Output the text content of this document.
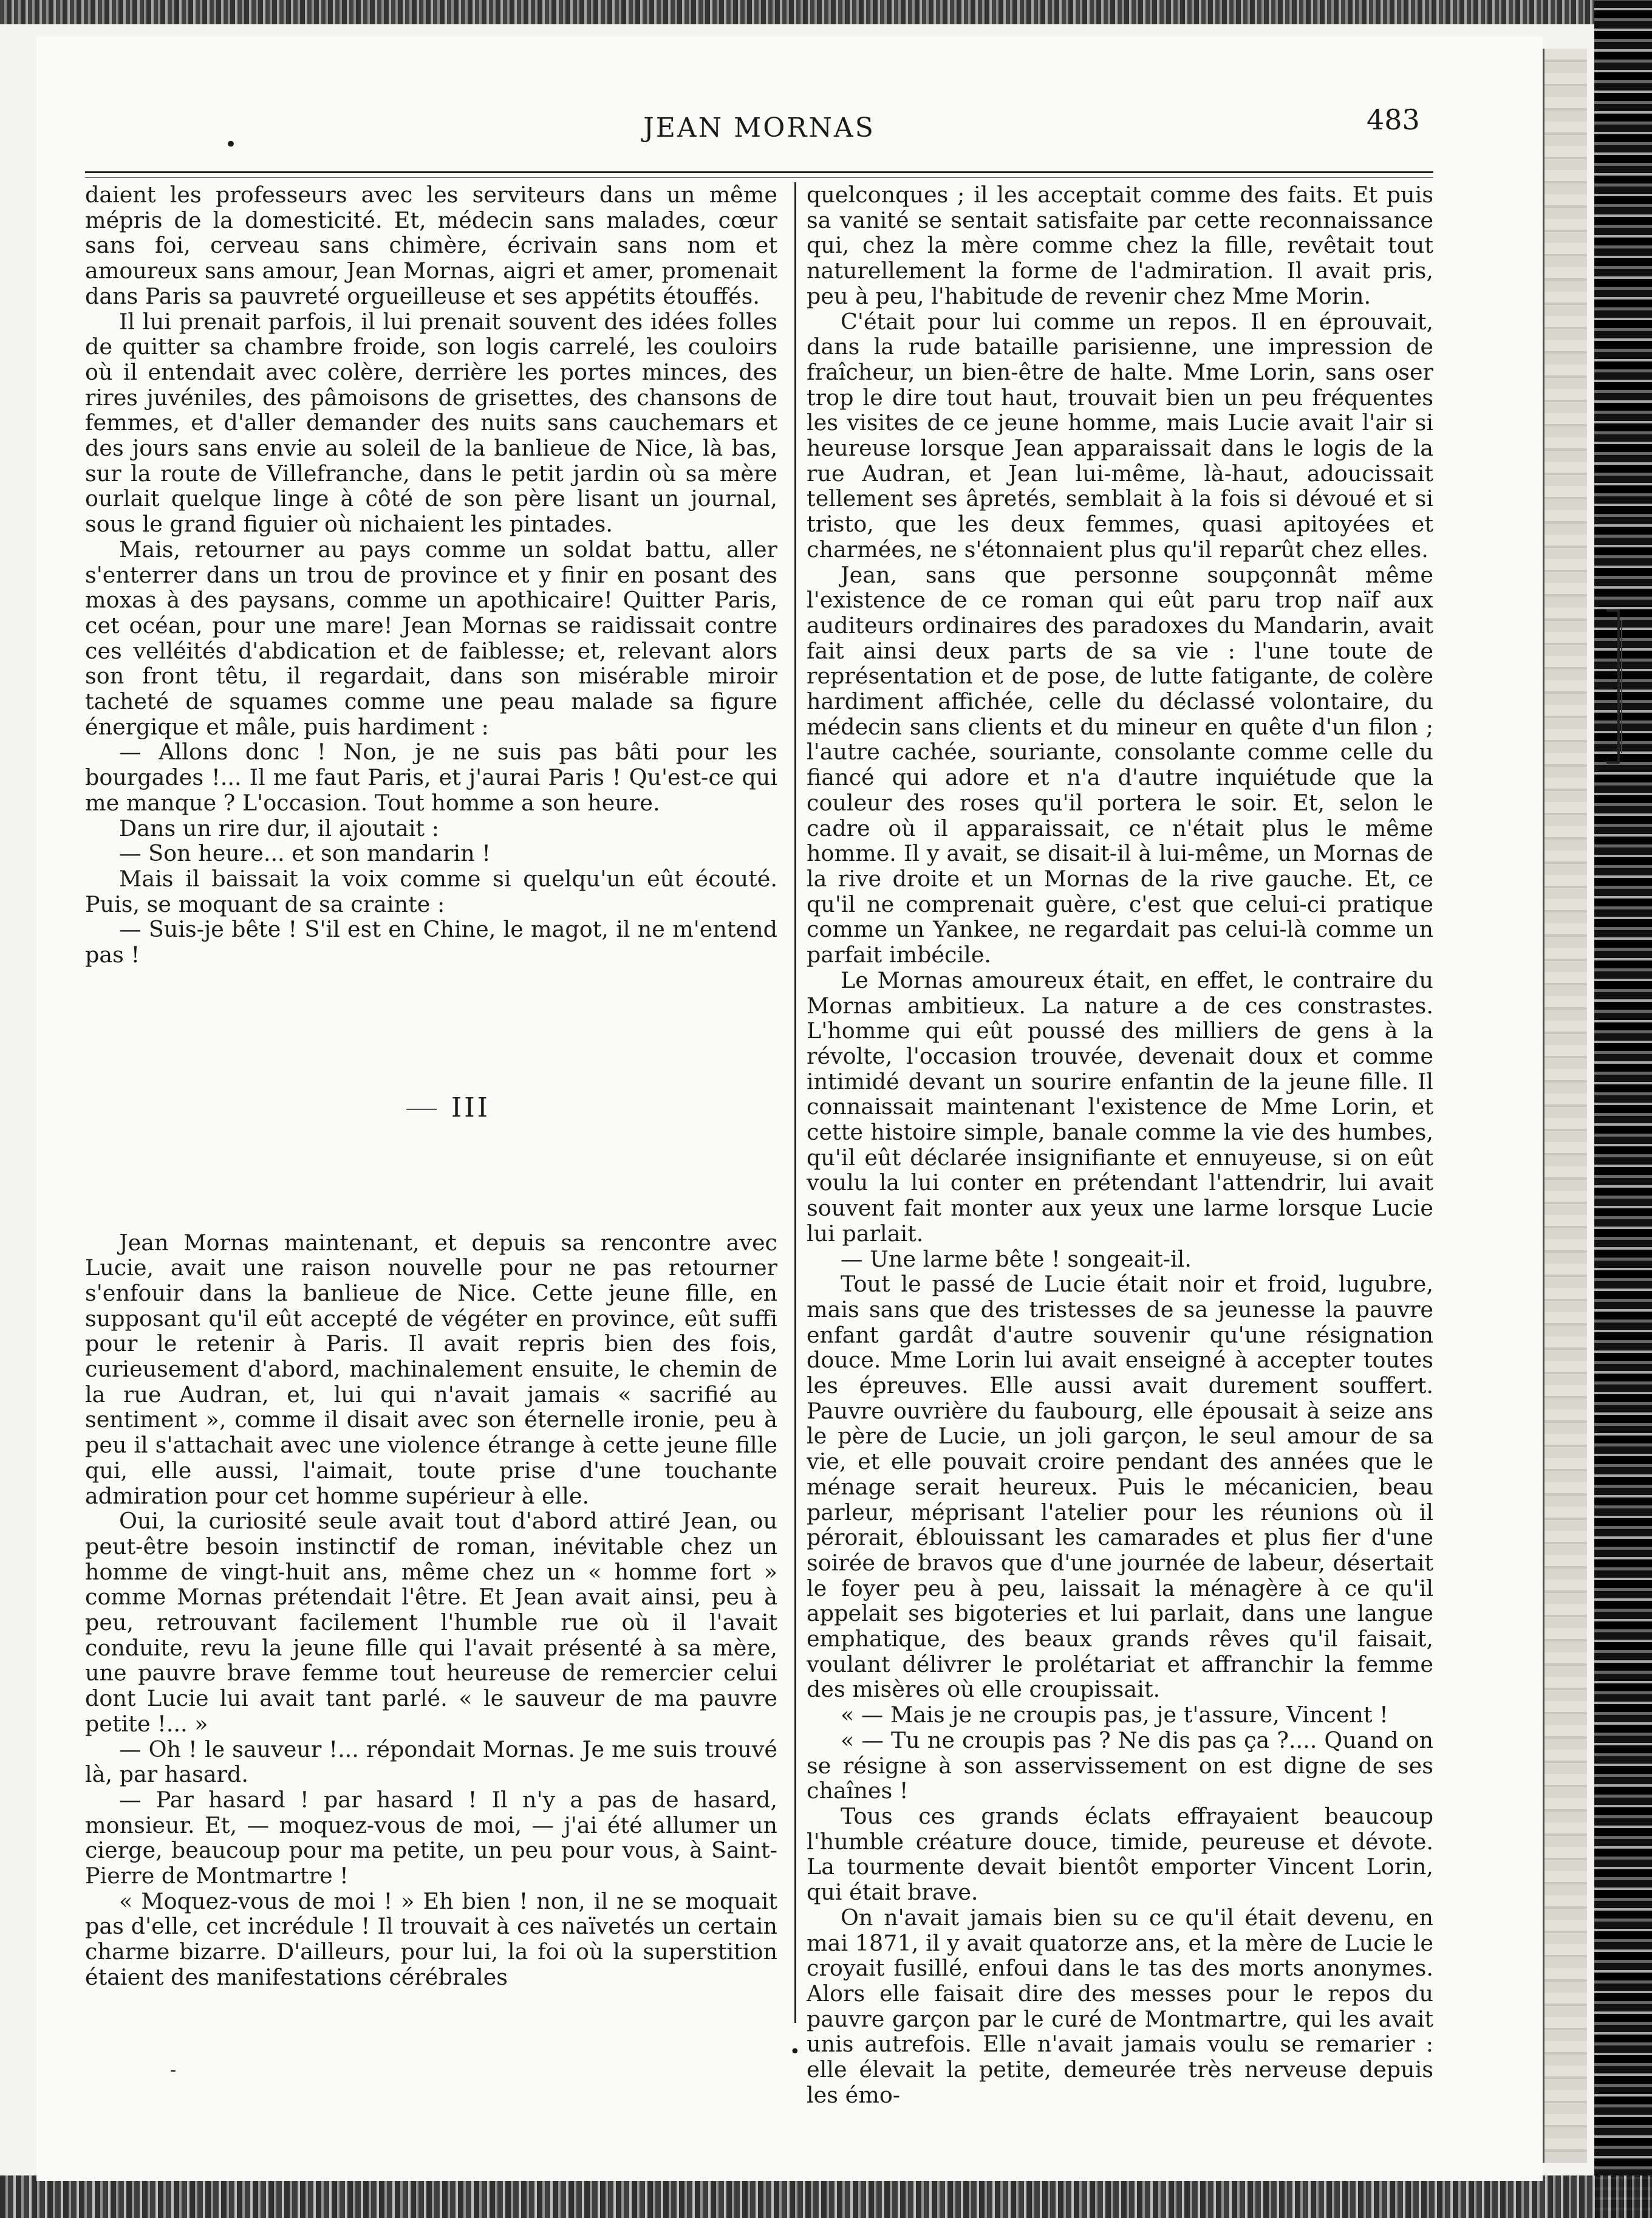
•
JEAN MORNAS	483

daient les professeurs avec les serviteurs dans un même mépris de la domesticité. Et, médecin sans malades, cœur sans foi, cerveau sans chimère, écrivain sans nom et amoureux sans amour, Jean Mornas, aigri et amer, promenait dans Paris sa pauvreté orgueilleuse et ses appétits étouffés.

Il lui prenait parfois, il lui prenait souvent des idées folles de quitter sa chambre froide, son logis carrelé, les couloirs où il entendait avec colère, derrière les portes minces, des rires juvéniles, des pâmoisons de grisettes, des chansons de femmes, et d'aller demander des nuits sans cauchemars et des jours sans envie au soleil de la banlieue de Nice, là bas, sur la route de Villefranche, dans le petit jardin où sa mère ourlait quelque linge à côté de son père lisant un journal, sous le grand figuier où nichaient les pintades.

Mais, retourner au pays comme un soldat battu, aller s'enterrer dans un trou de province et y finir en posant des moxas à des paysans, comme un apothicaire! Quitter Paris, cet océan, pour une mare! Jean Mornas se raidissait contre ces velléités d'abdication et de faiblesse; et, relevant alors son front têtu, il regardait, dans son misérable miroir tacheté de squames comme une peau malade sa figure énergique et mâle, puis hardiment :

— Allons donc ! Non, je ne suis pas bâti pour les bourgades !... Il me faut Paris, et j'aurai Paris ! Qu'est-ce qui me manque ? L'occasion. Tout homme a son heure.

Dans un rire dur, il ajoutait :

— Son heure... et son mandarin !

Mais il baissait la voix comme si quelqu'un eût écouté. Puis, se moquant de sa crainte :

— Suis-je bête ! S'il est en Chine, le magot, il ne m'entend pas !

III

Jean Mornas maintenant, et depuis sa rencontre avec Lucie, avait une raison nouvelle pour ne pas retourner s'enfouir dans la banlieue de Nice. Cette jeune fille, en supposant qu'il eût accepté de végéter en province, eût suffi pour le retenir à Paris. Il avait repris bien des fois, curieusement d'abord, machinalement ensuite, le chemin de la rue Audran, et, lui qui n'avait jamais « sacrifié au sentiment », comme il disait avec son éternelle ironie, peu à peu il s'attachait avec une violence étrange à cette jeune fille qui, elle aussi, l'aimait, toute prise d'une touchante admiration pour cet homme supérieur à elle.

Oui, la curiosité seule avait tout d'abord attiré Jean, ou peut-être besoin instinctif de roman, inévitable chez un homme de vingt-huit ans, même chez un « homme fort » comme Mornas prétendait l'être. Et Jean avait ainsi, peu à peu, retrouvant facilement l'humble rue où il l'avait conduite, revu la jeune fille qui l'avait présenté à sa mère, une pauvre brave femme tout heureuse de remercier celui dont Lucie lui avait tant parlé. « le sauveur de ma pauvre petite !... »

— Oh ! le sauveur !... répondait Mornas. Je me suis trouvé là, par hasard.

— Par hasard ! par hasard ! Il n'y a pas de hasard, monsieur. Et, — moquez-vous de moi, — j'ai été allumer un cierge, beaucoup pour ma petite, un peu pour vous, à Saint-Pierre de Montmartre !

« Moquez-vous de moi ! » Eh bien ! non, il ne se moquait pas d'elle, cet incrédule ! Il trouvait à ces naïvetés un certain charme bizarre. D'ailleurs, pour lui, la foi où la superstition étaient des manifestations cérébrales

quelconques ; il les acceptait comme des faits. Et puis sa vanité se sentait satisfaite par cette reconnaissance qui, chez la mère comme chez la fille, revêtait tout naturellement la forme de l'admiration. Il avait pris, peu à peu, l'habitude de revenir chez Mme Morin.

C'était pour lui comme un repos. Il en éprouvait, dans la rude bataille parisienne, une impression de fraîcheur, un bien-être de halte. Mme Lorin, sans oser trop le dire tout haut, trouvait bien un peu fréquentes les visites de ce jeune homme, mais Lucie avait l'air si heureuse lorsque Jean apparaissait dans le logis de la rue Audran, et Jean lui-même, là-haut, adoucissait tellement ses âpretés, semblait à la fois si dévoué et si tristo, que les deux femmes, quasi apitoyées et charmées, ne s'étonnaient plus qu'il reparût chez elles.

Jean, sans que personne soupçonnât même l'existence de ce roman qui eût paru trop naïf aux auditeurs ordinaires des paradoxes du Mandarin, avait fait ainsi deux parts de sa vie : l'une toute de représentation et de pose, de lutte fatigante, de colère hardiment affichée, celle du déclassé volontaire, du médecin sans clients et du mineur en quête d'un filon ; l'autre cachée, souriante, consolante comme celle du fiancé qui adore et n'a d'autre inquiétude que la couleur des roses qu'il portera le soir. Et, selon le cadre où il apparaissait, ce n'était plus le même homme. Il y avait, se disait-il à lui-même, un Mornas de la rive droite et un Mornas de la rive gauche. Et, ce qu'il ne comprenait guère, c'est que celui-ci pratique comme un Yankee, ne regardait pas celui-là comme un parfait imbécile.

Le Mornas amoureux était, en effet, le contraire du Mornas ambitieux. La nature a de ces constrastes. L'homme qui eût poussé des milliers de gens à la révolte, l'occasion trouvée, devenait doux et comme intimidé devant un sourire enfantin de la jeune fille. Il connaissait maintenant l'existence de Mme Lorin, et cette histoire simple, banale comme la vie des humbes, qu'il eût déclarée insignifiante et ennuyeuse, si on eût voulu la lui conter en prétendant l'attendrir, lui avait souvent fait monter aux yeux une larme lorsque Lucie lui parlait.

— Une larme bête ! songeait-il.

Tout le passé de Lucie était noir et froid, lugubre, mais sans que des tristesses de sa jeunesse la pauvre enfant gardât d'autre souvenir qu'une résignation douce. Mme Lorin lui avait enseigné à accepter toutes les épreuves. Elle aussi avait durement souffert. Pauvre ouvrière du faubourg, elle épousait à seize ans le père de Lucie, un joli garçon, le seul amour de sa vie, et elle pouvait croire pendant des années que le ménage serait heureux. Puis le mécanicien, beau parleur, méprisant l'atelier pour les réunions où il pérorait, éblouissant les camarades et plus fier d'une soirée de bravos que d'une journée de labeur, désertait le foyer peu à peu, laissait la ménagère à ce qu'il appelait ses bigoteries et lui parlait, dans une langue emphatique, des beaux grands rêves qu'il faisait, voulant délivrer le prolétariat et affranchir la femme des misères où elle croupissait.

« — Mais je ne croupis pas, je t'assure, Vincent !

« — Tu ne croupis pas ? Ne dis pas ça ?.... Quand on se résigne à son asservissement on est digne de ses chaînes !

Tous ces grands éclats effrayaient beaucoup l'humble créature douce, timide, peureuse et dévote. La tourmente devait bientôt emporter Vincent Lorin, qui était brave.

On n'avait jamais bien su ce qu'il était devenu, en mai 1871, il y avait quatorze ans, et la mère de Lucie le croyait fusillé, enfoui dans le tas des morts anonymes. Alors elle faisait dire des messes pour le repos du pauvre garçon par le curé de Montmartre, qui les avait unis autrefois. Elle n'avait jamais voulu se remarier : elle élevait la petite, demeurée très nerveuse depuis les émo-

-
•
